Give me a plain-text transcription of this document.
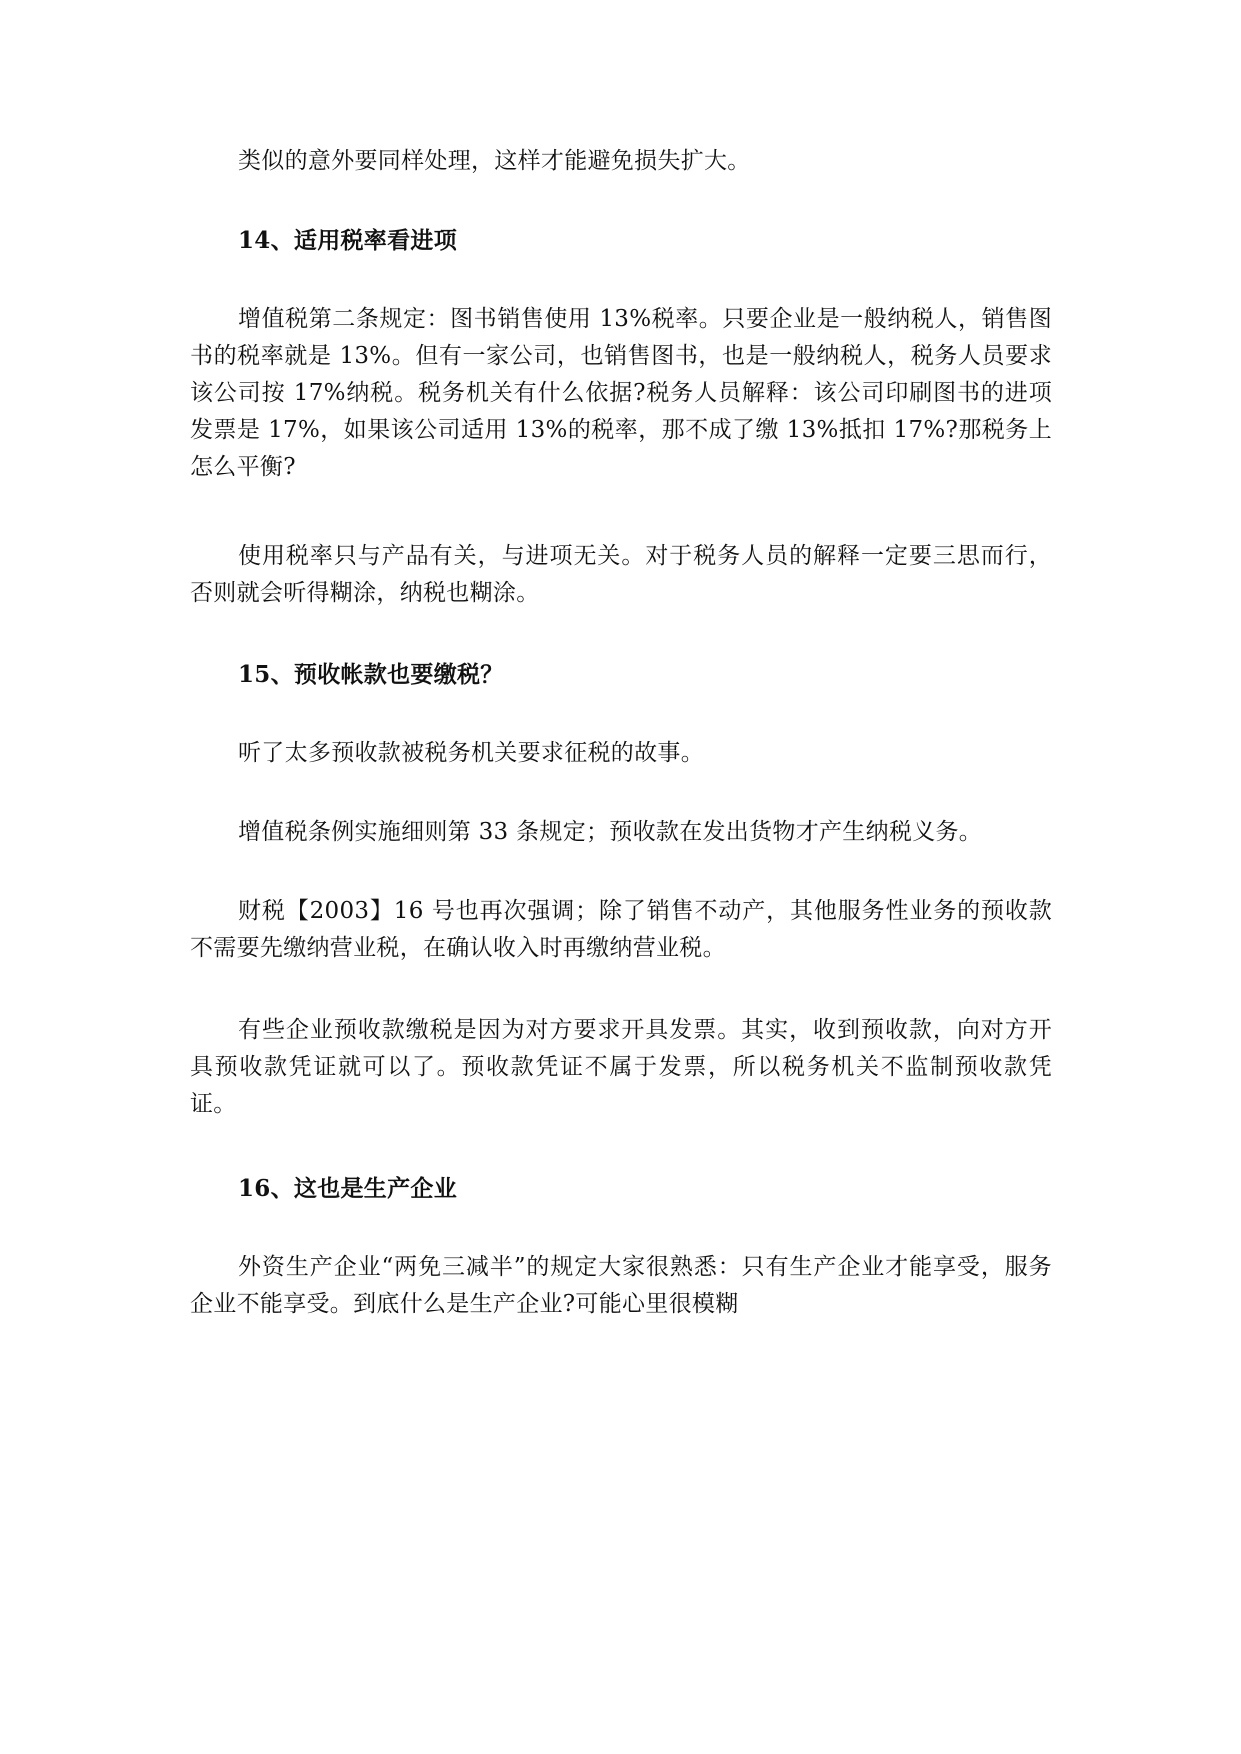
类似的意外要同样处理，这样才能避免损失扩大。

14、适用税率看进项

增值税第二条规定：图书销售使用 13%税率。只要企业是一般纳税人，销售图书的税率就是 13%。但有一家公司，也销售图书，也是一般纳税人，税务人员要求该公司按 17%纳税。税务机关有什么依据?税务人员解释：该公司印刷图书的进项发票是 17%，如果该公司适用 13%的税率，那不成了缴 13%抵扣 17%?那税务上怎么平衡?

使用税率只与产品有关，与进项无关。对于税务人员的解释一定要三思而行，否则就会听得糊涂，纳税也糊涂。

15、预收帐款也要缴税？

听了太多预收款被税务机关要求征税的故事。

增值税条例实施细则第 33 条规定；预收款在发出货物才产生纳税义务。

财税【2003】16 号也再次强调；除了销售不动产，其他服务性业务的预收款不需要先缴纳营业税，在确认收入时再缴纳营业税。

有些企业预收款缴税是因为对方要求开具发票。其实，收到预收款，向对方开具预收款凭证就可以了。预收款凭证不属于发票，所以税务机关不监制预收款凭证。

16、这也是生产企业

外资生产企业“两免三减半”的规定大家很熟悉：只有生产企业才能享受，服务企业不能享受。到底什么是生产企业?可能心里很模糊
